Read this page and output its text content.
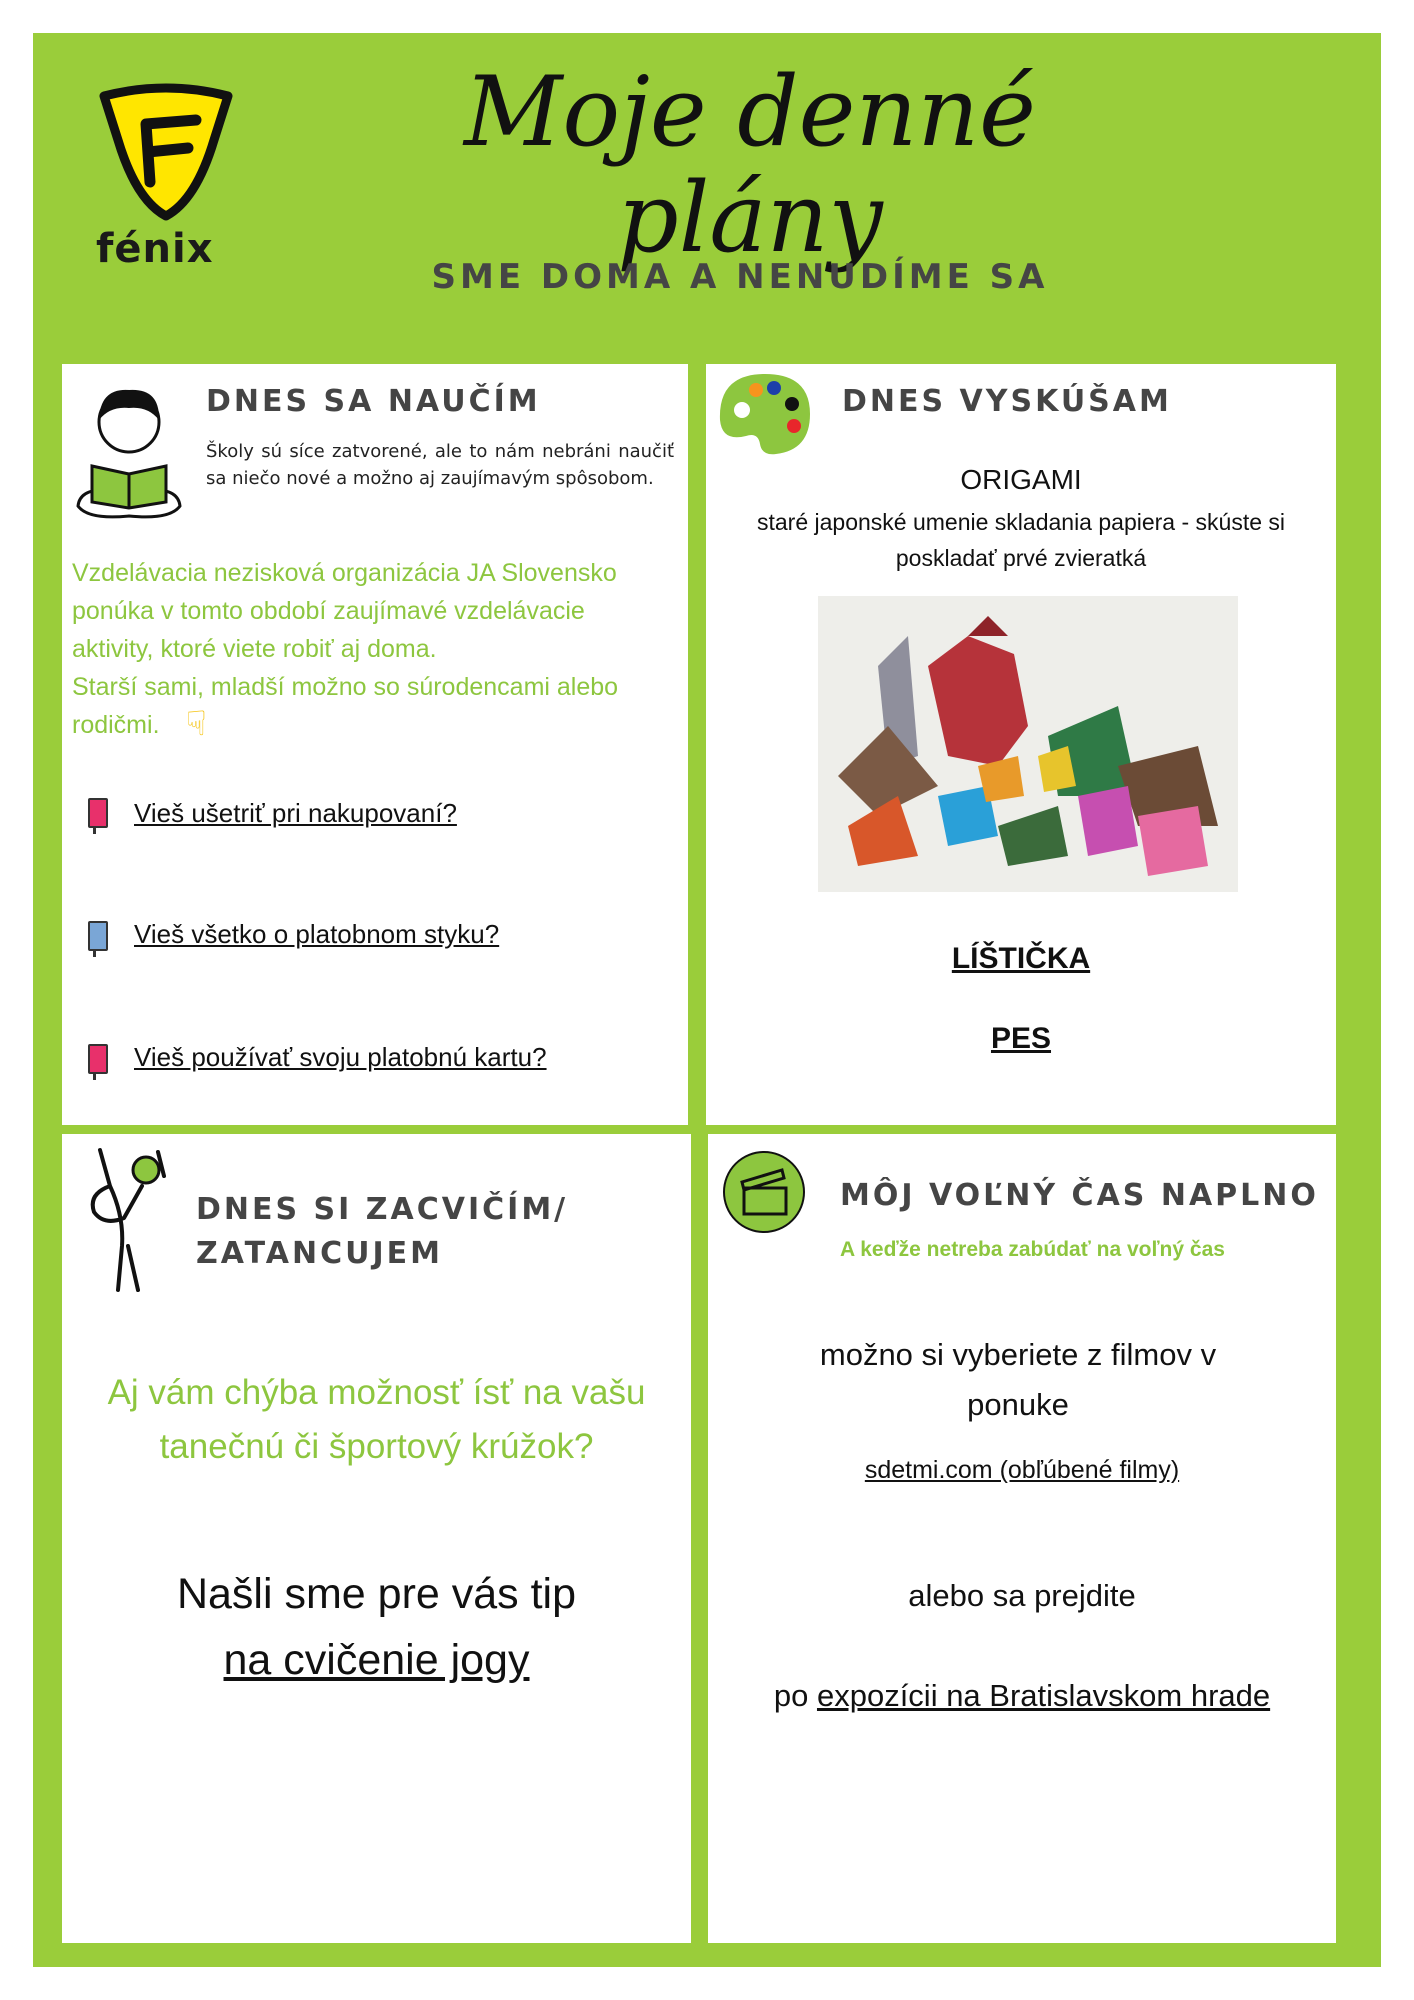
fénix
Moje denné plány
SME DOMA A NENUDÍME SA
DNES SA NAUČÍM
Školy sú síce zatvorené, ale to nám nebráni naučiť sa niečo nové a možno aj zaujímavým spôsobom.
Vzdelávacia nezisková organizácia JA Slovensko ponúka v tomto období zaujímavé vzdelávacie aktivity, ktoré viete robiť aj doma.
Starší sami, mladší možno so súrodencami alebo rodičmi. ☟
Vieš ušetriť pri nakupovaní?
Vieš všetko o platobnom styku?
Vieš používať svoju platobnú kartu?
DNES VYSKÚŠAM
ORIGAMI
staré japonské umenie skladania papiera - skúste si poskladať prvé zvieratká
LÍŠTIČKA
PES
DNES SI ZACVIČÍM/ ZATANCUJEM
Aj vám chýba možnosť ísť na vašu tanečnú či športový krúžok?
Našli sme pre vás tip
na cvičenie jogy
MÔJ VOĽNÝ ČAS NAPLNO
A keďže netreba zabúdať na voľný čas
možno si vyberiete z filmov v ponuke
sdetmi.com (obľúbené filmy)
alebo sa prejdite
po expozícii na Bratislavskom hrade
